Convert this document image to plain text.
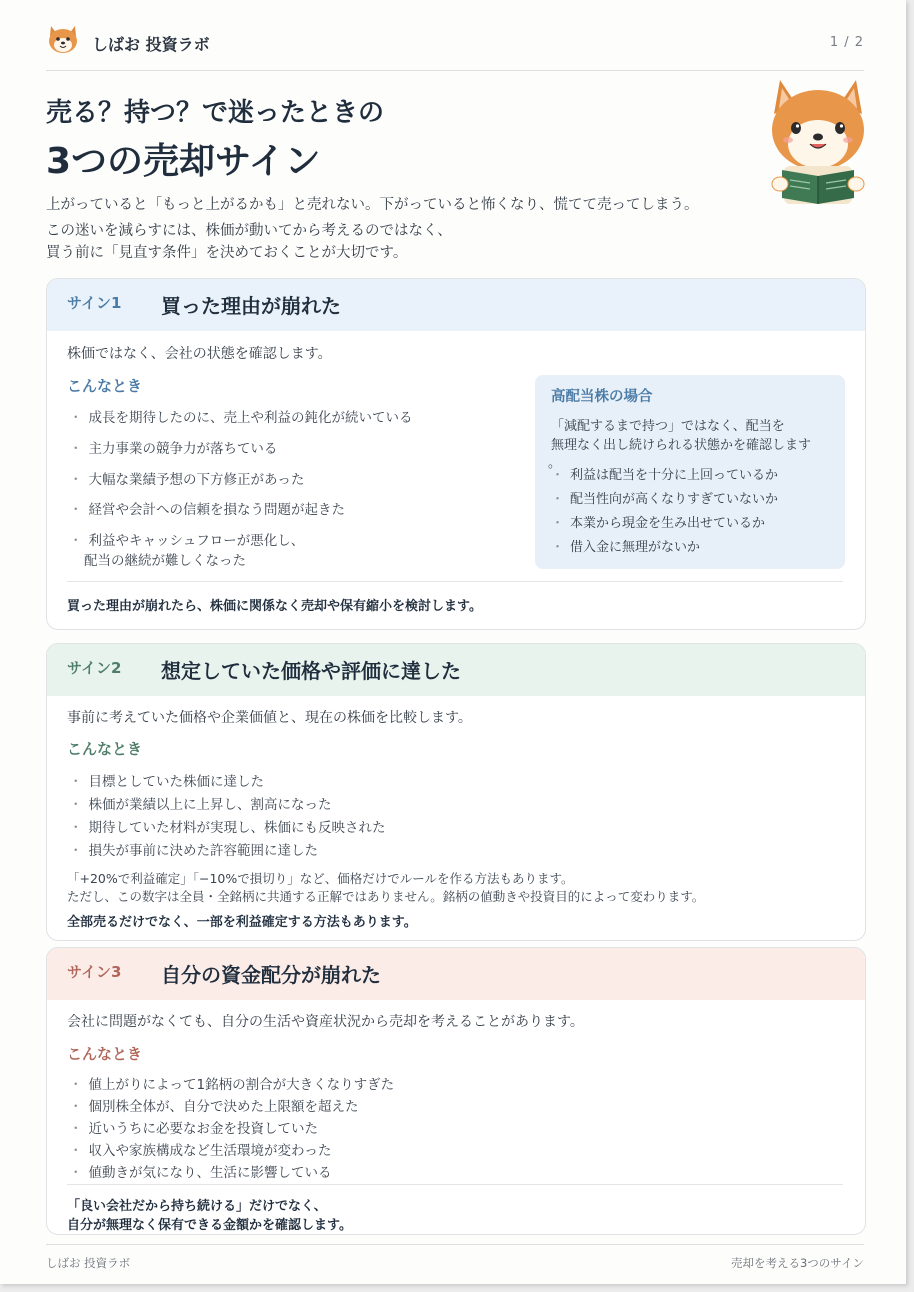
しばお 投資ラボ	1 / 2
売る？持つ？で迷ったときの
3つの売却サイン
上がっていると「もっと上がるかも」と売れない。下がっていると怖くなり、慌てて売ってしまう。
この迷いを減らすには、株価が動いてから考えるのではなく、
買う前に「見直す条件」を決めておくことが大切です。
サイン1 買った理由が崩れた
株価ではなく、会社の状態を確認します。
こんなとき
・ 成長を期待したのに、売上や利益の鈍化が続いている
・ 主力事業の競争力が落ちている
・ 大幅な業績予想の下方修正があった
・ 経営や会計への信頼を損なう問題が起きた
・ 利益やキャッシュフローが悪化し、
配当の継続が難しくなった
高配当株の場合
「減配するまで持つ」ではなく、配当を
無理なく出し続けられる状態かを確認します
。
・ 利益は配当を十分に上回っているか
・ 配当性向が高くなりすぎていないか
・ 本業から現金を生み出せているか
・ 借入金に無理がないか
買った理由が崩れたら、株価に関係なく売却や保有縮小を検討します。
サイン2 想定していた価格や評価に達した
事前に考えていた価格や企業価値と、現在の株価を比較します。
こんなとき
・ 目標としていた株価に達した
・ 株価が業績以上に上昇し、割高になった
・ 期待していた材料が実現し、株価にも反映された
・ 損失が事前に決めた許容範囲に達した
「+20%で利益確定」「−10%で損切り」など、価格だけでルールを作る方法もあります。
ただし、この数字は全員・全銘柄に共通する正解ではありません。銘柄の値動きや投資目的によって変わります。
全部売るだけでなく、一部を利益確定する方法もあります。
サイン3 自分の資金配分が崩れた
会社に問題がなくても、自分の生活や資産状況から売却を考えることがあります。
こんなとき
・ 値上がりによって1銘柄の割合が大きくなりすぎた
・ 個別株全体が、自分で決めた上限額を超えた
・ 近いうちに必要なお金を投資していた
・ 収入や家族構成など生活環境が変わった
・ 値動きが気になり、生活に影響している
「良い会社だから持ち続ける」だけでなく、
自分が無理なく保有できる金額かを確認します。
しばお 投資ラボ	売却を考える3つのサイン
